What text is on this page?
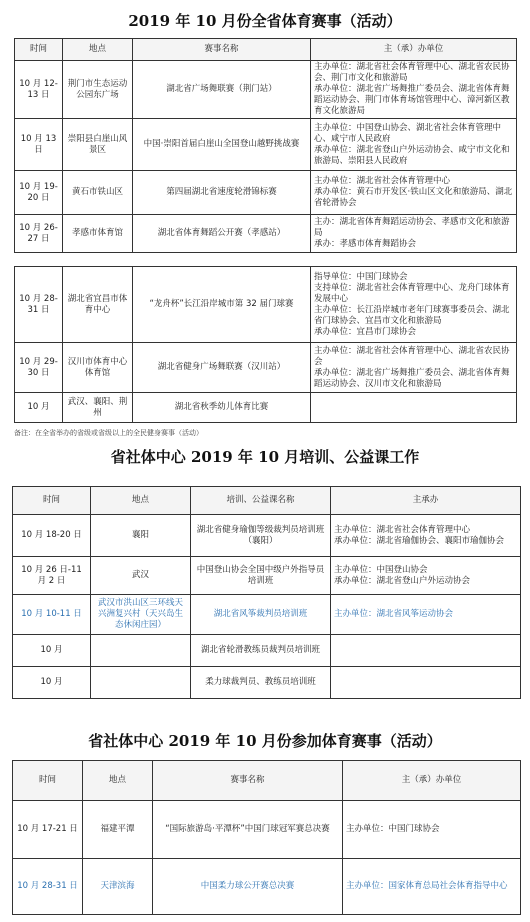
2019 年 10 月份全省体育赛事（活动）
时间	地点	赛事名称	主（承）办单位
10 月 12-13 日	荆门市生态运动公园东广场	湖北省广场舞联赛（荆门站）	主办单位：湖北省社会体育管理中心、湖北省农民协会、荆门市文化和旅游局
承办单位：湖北省广场舞推广委员会、湖北省体育舞蹈运动协会、荆门市体育场馆管理中心、漳河新区教育文化旅游局
10 月 13 日	崇阳县白崖山风景区	中国·崇阳首届白崖山全国登山越野挑战赛	主办单位：中国登山协会、湖北省社会体育管理中心、咸宁市人民政府
承办单位：湖北省登山户外运动协会、咸宁市文化和旅游局、崇阳县人民政府
10 月 19-20 日	黄石市铁山区	第四届湖北省速度轮滑锦标赛	主办单位：湖北省社会体育管理中心
承办单位：黄石市开发区·铁山区文化和旅游局、湖北省轮滑协会
10 月 26-27 日	孝感市体育馆	湖北省体育舞蹈公开赛（孝感站）	主办：湖北省体育舞蹈运动协会、孝感市文化和旅游局
承办：孝感市体育舞蹈协会
10 月 28-31 日	湖北省宜昌市体育中心	“龙舟杯”长江沿岸城市第 32 届门球赛	指导单位：中国门球协会
支持单位：湖北省社会体育管理中心、龙舟门球体育发展中心
主办单位：长江沿岸城市老年门球赛事委员会、湖北省门球协会、宜昌市文化和旅游局
承办单位：宜昌市门球协会
10 月 29-30 日	汉川市体育中心体育馆	湖北省健身广场舞联赛（汉川站）	主办单位：湖北省社会体育管理中心、湖北省农民协会
承办单位：湖北省广场舞推广委员会、湖北省体育舞蹈运动协会、汉川市文化和旅游局
10 月	武汉、襄阳、荆州	湖北省秋季幼儿体育比赛	
备注：在全省举办的省级或省级以上的全民健身赛事（活动）
省社体中心 2019 年 10 月培训、公益课工作
时间	地点	培训、公益课名称	主承办
10 月 18-20 日	襄阳	湖北省健身瑜伽等级裁判员培训班（襄阳）	主办单位：湖北省社会体育管理中心
承办单位：湖北省瑜伽协会、襄阳市瑜伽协会
10 月 26 日-11 月 2 日	武汉	中国登山协会全国中级户外指导员培训班	主办单位：中国登山协会
承办单位：湖北省登山户外运动协会
10 月 10-11 日	武汉市洪山区三环线天兴洲复兴村（天兴岛生态休闲庄园）	湖北省风筝裁判员培训班	主办单位：湖北省风筝运动协会
10 月		湖北省轮滑教练员裁判员培训班	
10 月		柔力球裁判员、教练员培训班	
省社体中心 2019 年 10 月份参加体育赛事（活动）
时间	地点	赛事名称	主（承）办单位
10 月 17-21 日	福建平潭	“国际旅游岛·平潭杯”中国门球冠军赛总决赛	主办单位：中国门球协会
10 月 28-31 日	天津滨海	中国柔力球公开赛总决赛	主办单位：国家体育总局社会体育指导中心
